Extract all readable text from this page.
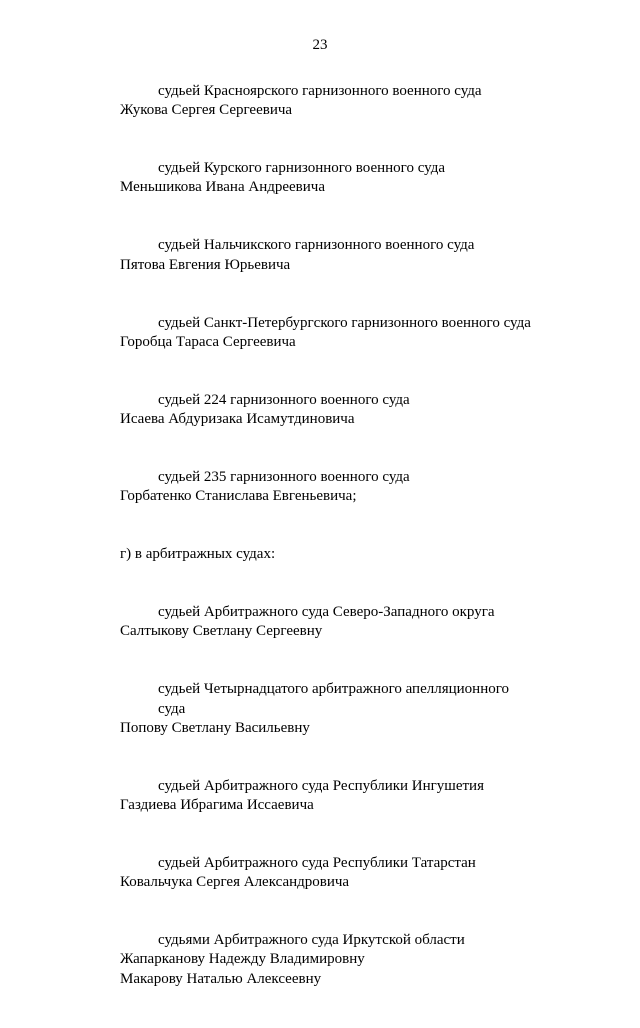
23

судьей Красноярского гарнизонного военного суда

Жукова Сергея Сергеевича

судьей Курского гарнизонного военного суда

Меньшикова Ивана Андреевича

судьей Нальчикского гарнизонного военного суда

Пятова Евгения Юрьевича

судьей Санкт-Петербургского гарнизонного военного суда

Горобца Тараса Сергеевича

судьей 224 гарнизонного военного суда

Исаева Абдуризака Исамутдиновича

судьей 235 гарнизонного военного суда

Горбатенко Станислава Евгеньевича;

г) в арбитражных судах:

судьей Арбитражного суда Северо-Западного округа

Салтыкову Светлану Сергеевну

судьей Четырнадцатого арбитражного апелляционного

суда

Попову Светлану Васильевну

судьей Арбитражного суда Республики Ингушетия

Газдиева Ибрагима Иссаевича

судьей Арбитражного суда Республики Татарстан

Ковальчука Сергея Александровича

судьями Арбитражного суда Иркутской области

Жапарканову Надежду Владимировну

Макарову Наталью Алексеевну
